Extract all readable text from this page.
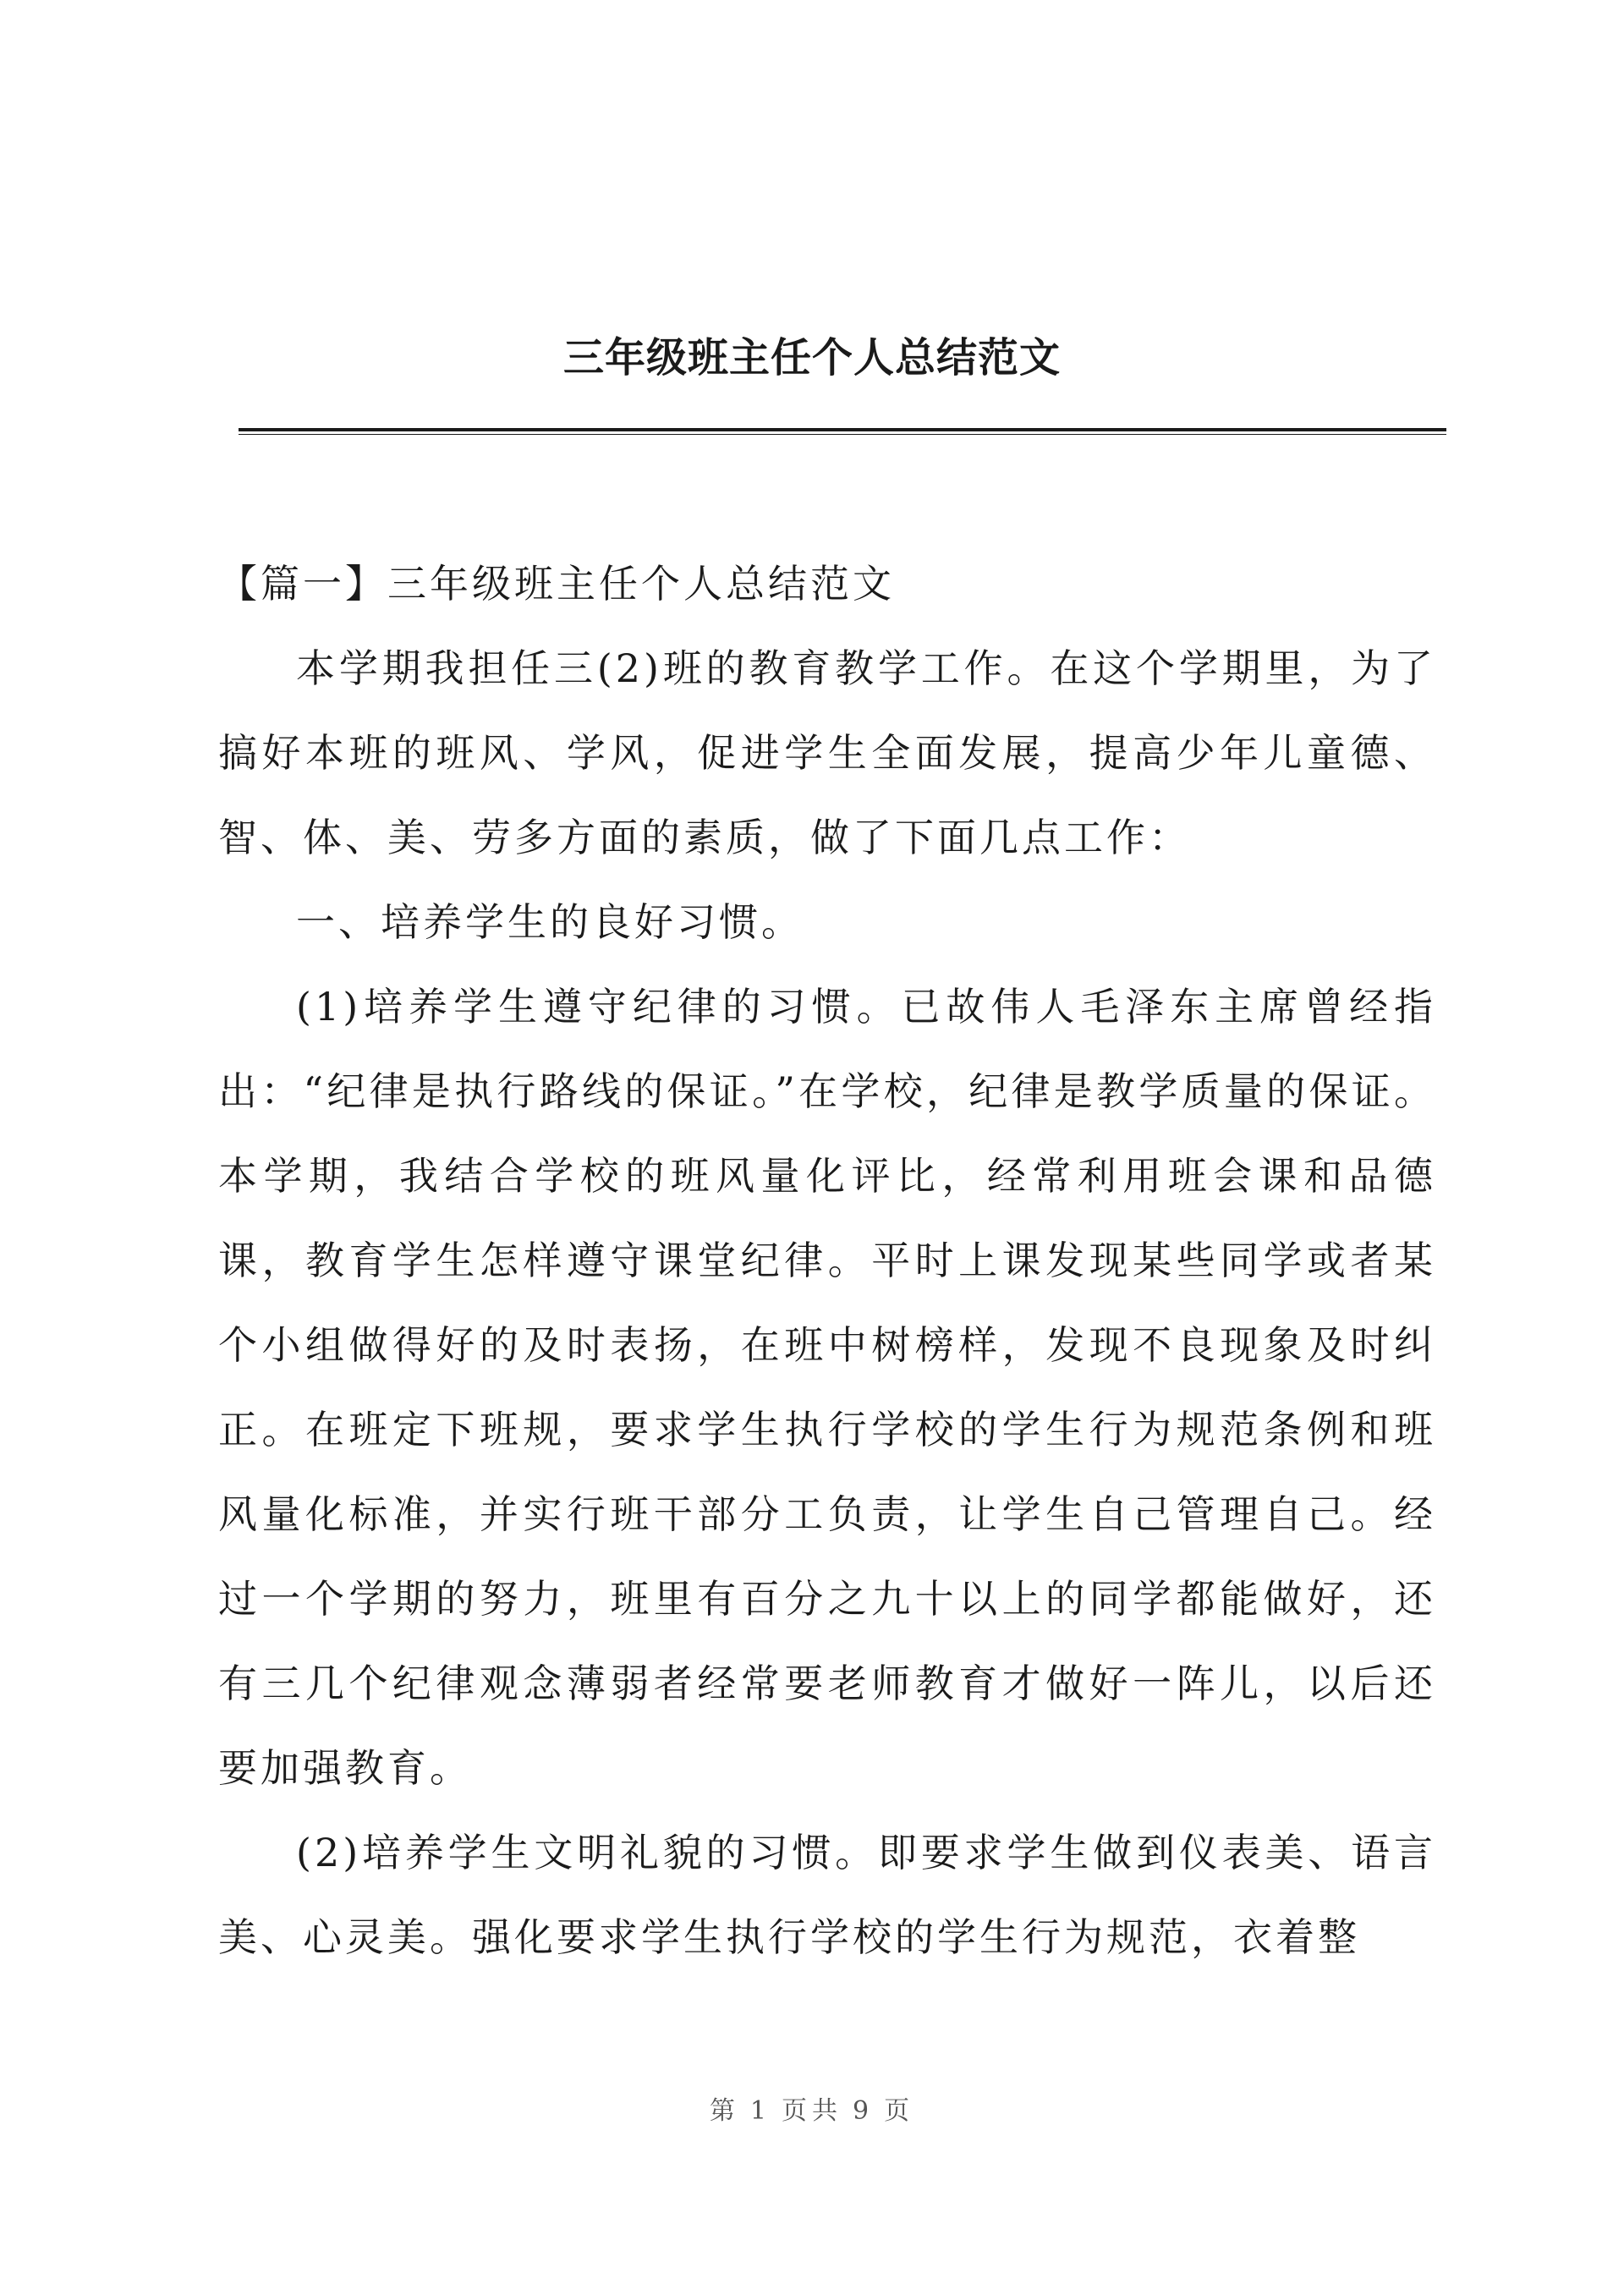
三年级班主任个人总结范文

【篇一】三年级班主任个人总结范文

本学期我担任三(2)班的教育教学工作。在这个学期里，为了搞好本班的班风、学风，促进学生全面发展，提高少年儿童德、智、体、美、劳多方面的素质，做了下面几点工作：

一、培养学生的良好习惯。

(1)培养学生遵守纪律的习惯。已故伟人毛泽东主席曾经指出：“纪律是执行路线的保证。”在学校，纪律是教学质量的保证。本学期，我结合学校的班风量化评比，经常利用班会课和品德课，教育学生怎样遵守课堂纪律。平时上课发现某些同学或者某个小组做得好的及时表扬，在班中树榜样，发现不良现象及时纠正。在班定下班规，要求学生执行学校的学生行为规范条例和班风量化标准，并实行班干部分工负责，让学生自己管理自己。经过一个学期的努力，班里有百分之九十以上的同学都能做好，还有三几个纪律观念薄弱者经常要老师教育才做好一阵儿，以后还要加强教育。

(2)培养学生文明礼貌的习惯。即要求学生做到仪表美、语言美、心灵美。强化要求学生执行学校的学生行为规范，衣着整

第 1 页共 9 页
